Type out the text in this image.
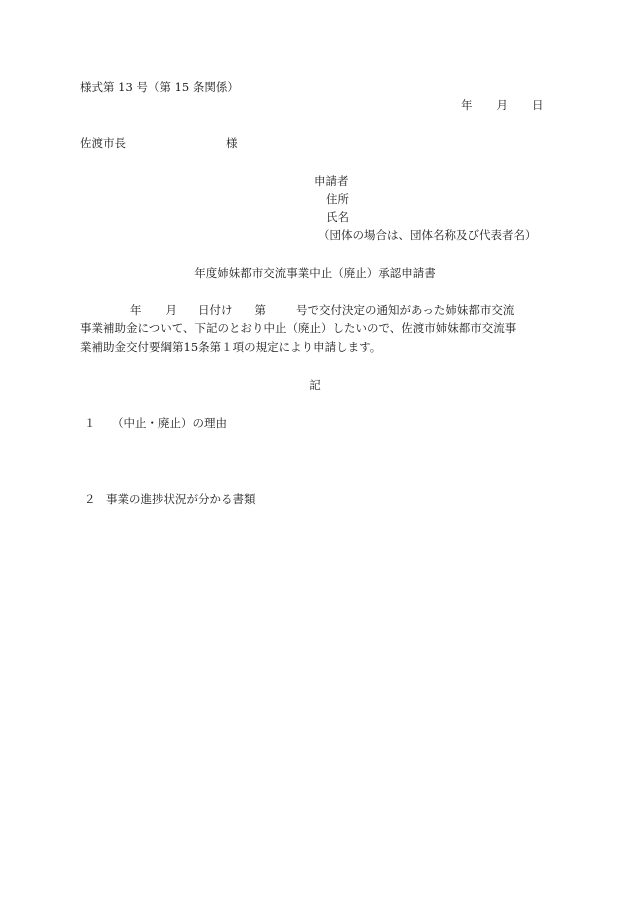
様式第 13 号（第 15 条関係）
年 月 日
佐渡市長	様
申請者
住所
氏名
（団体の場合は、団体名称及び代表者名）
年度姉妹都市交流事業中止（廃止）承認申請書
年 月 日付け 第	号で交付決定の通知があった姉妹都市交流
事業補助金について、下記のとおり中止（廃止）したいので、佐渡市姉妹都市交流事
業補助金交付要綱第15条第１項の規定により申請します。
記
１ （中止・廃止）の理由
２ 事業の進捗状況が分かる書類
